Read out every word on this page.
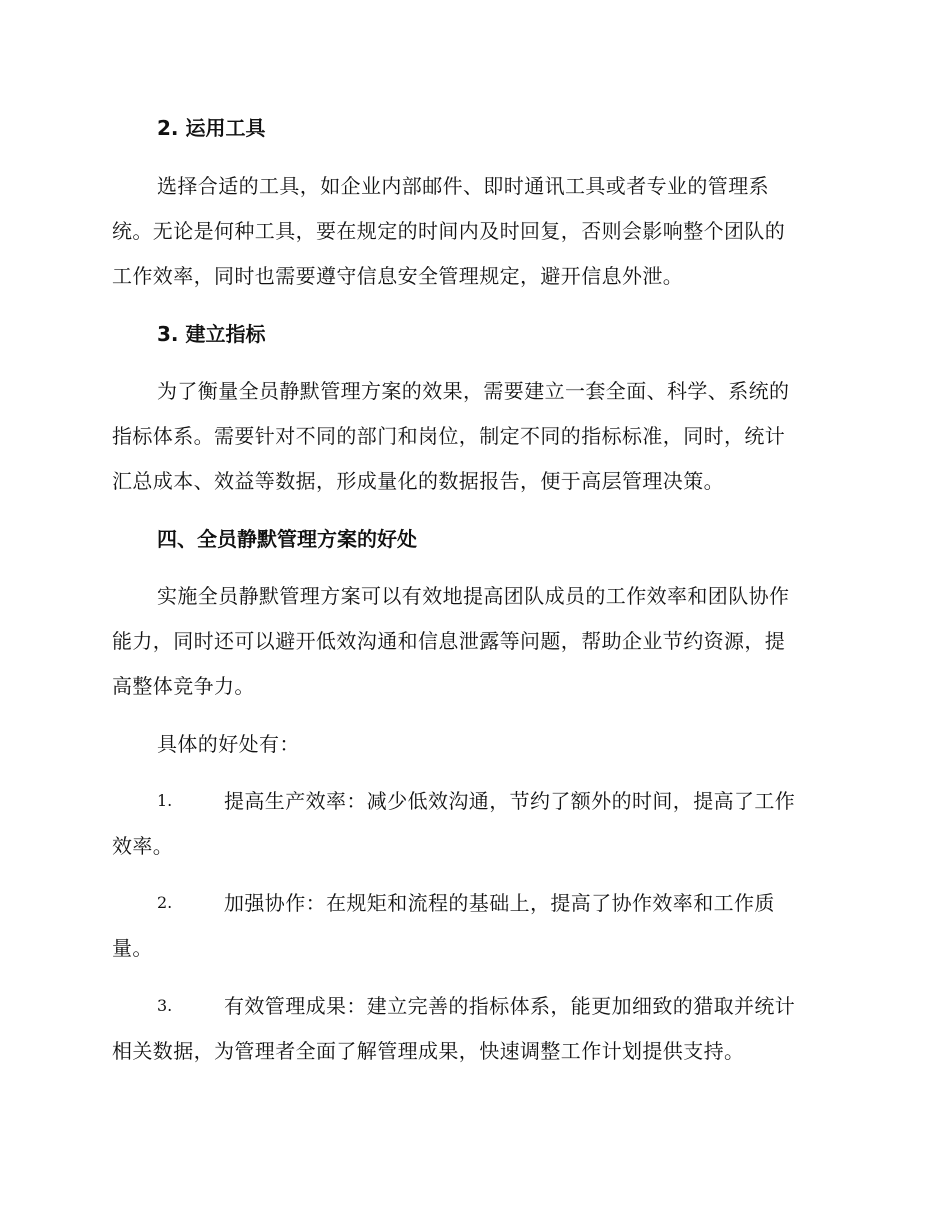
2. 运用工具
选择合适的工具，如企业内部邮件、即时通讯工具或者专业的管理系
统。无论是何种工具，要在规定的时间内及时回复，否则会影响整个团队的
工作效率，同时也需要遵守信息安全管理规定，避开信息外泄。
3. 建立指标
为了衡量全员静默管理方案的效果，需要建立一套全面、科学、系统的
指标体系。需要针对不同的部门和岗位，制定不同的指标标准，同时，统计
汇总成本、效益等数据，形成量化的数据报告，便于高层管理决策。
四、全员静默管理方案的好处
实施全员静默管理方案可以有效地提高团队成员的工作效率和团队协作
能力，同时还可以避开低效沟通和信息泄露等问题，帮助企业节约资源，提
高整体竞争力。
具体的好处有：
1.	提高生产效率：减少低效沟通，节约了额外的时间，提高了工作
效率。
2.	加强协作：在规矩和流程的基础上，提高了协作效率和工作质
量。
3.	有效管理成果：建立完善的指标体系，能更加细致的猎取并统计
相关数据，为管理者全面了解管理成果，快速调整工作计划提供支持。
